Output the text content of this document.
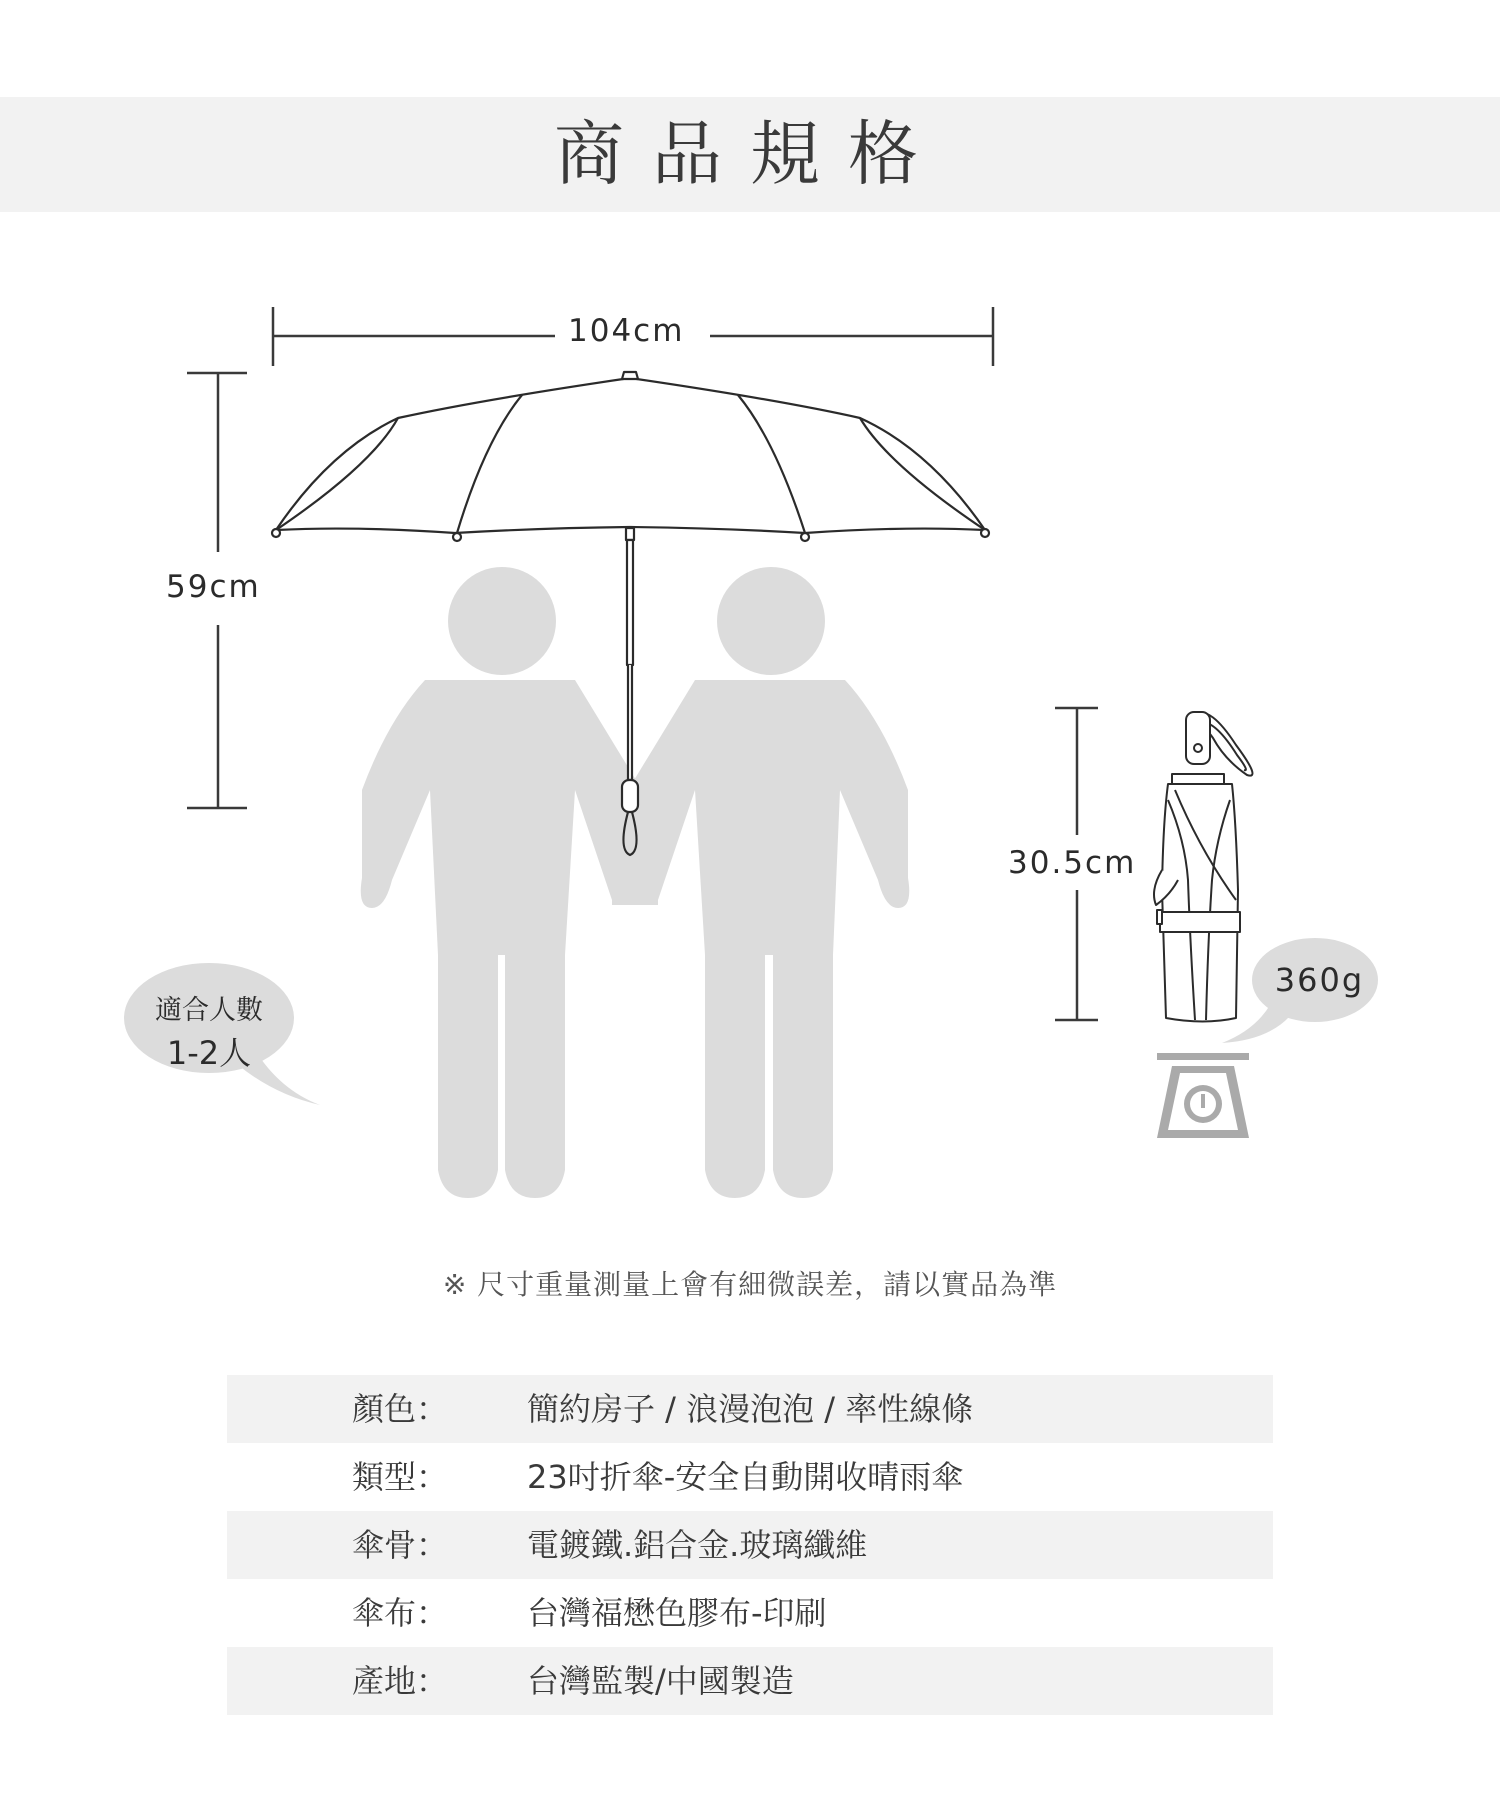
商品規格
104cm
59cm
30.5cm
360g
適合人數
1-2人
※ 尺寸重量測量上會有細微誤差，請以實品為準
顏色： 簡約房子 / 浪漫泡泡 / 率性線條
類型： 23吋折傘-安全自動開收晴雨傘
傘骨： 電鍍鐵.鋁合金.玻璃纖維
傘布： 台灣福懋色膠布-印刷
產地： 台灣監製/中國製造
